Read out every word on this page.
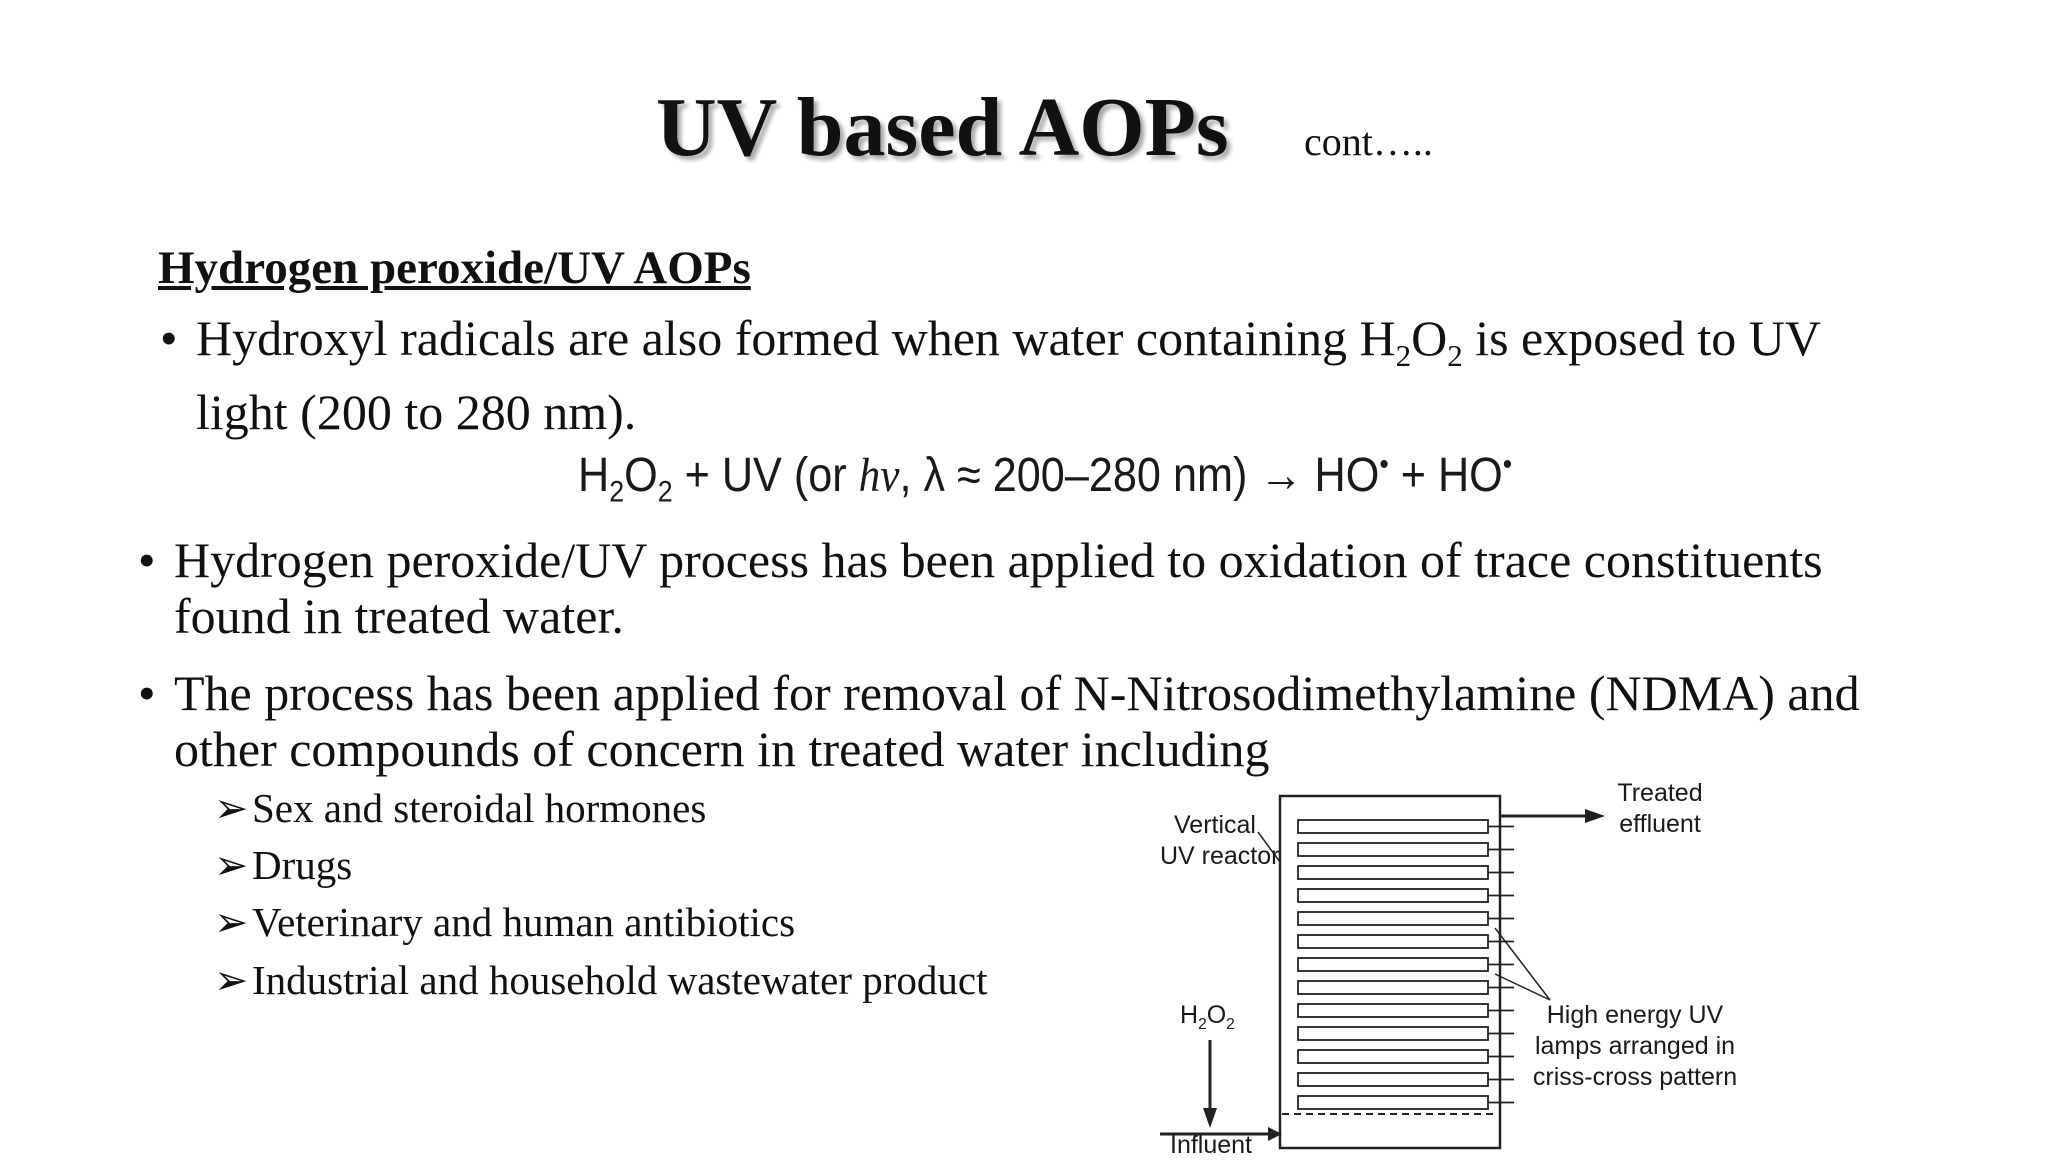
UV based AOPs cont…..
Hydrogen peroxide/UV AOPs
• Hydroxyl radicals are also formed when water containing $H_2O_2$ is exposed to UV light (200 to 280 nm).
$H_2O_2$ + UV (or hν, λ ≈ 200–280 nm) → HO• + HO•
• Hydrogen peroxide/UV process has been applied to oxidation of trace constituents found in treated water.
• The process has been applied for removal of N-Nitrosodimethylamine (NDMA) and other compounds of concern in treated water including
➢Sex and steroidal hormones
➢Drugs
➢Veterinary and human antibiotics
➢Industrial and household wastewater product
Vertical
UV reactor
Treated
effluent
$H_2O_2$
Influent
High energy UV
lamps arranged in
criss-cross pattern
